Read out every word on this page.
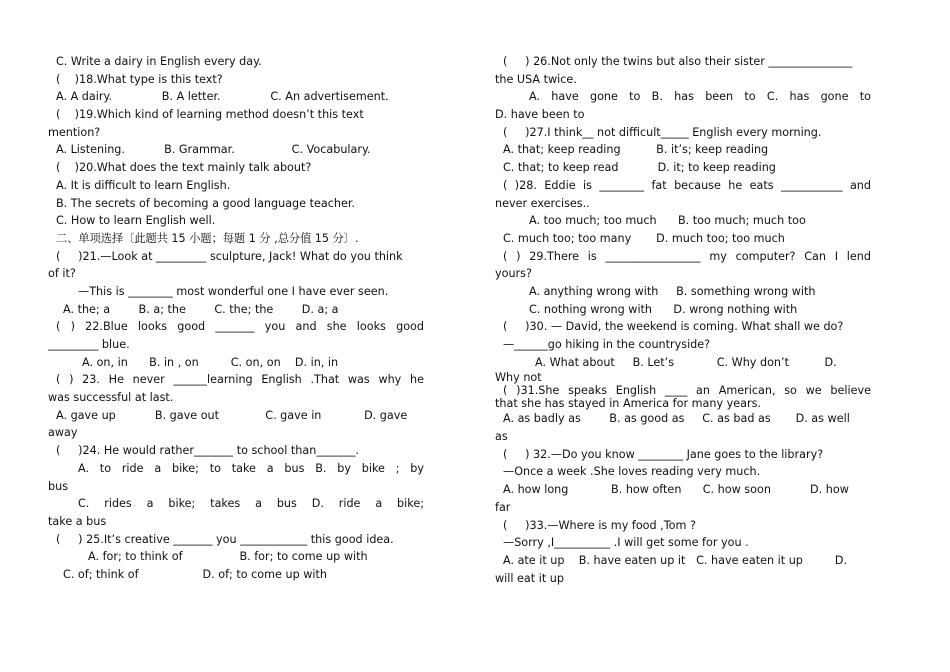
C. Write a dairy in English every day.
(    )18.What type is this text?
A. A dairy.              B. A letter.              C. An advertisement.
(    )19.Which kind of learning method doesn’t this text
mention?
A. Listening.           B. Grammar.                C. Vocabulary.
(    )20.What does the text mainly talk about?
A. It is difficult to learn English.
B. The secrets of becoming a good language teacher.
C. How to learn English well.
二、单项选择〔此题共 15 小题；每题 1 分 ,总分值 15 分〕.
(     )21.—Look at _________ sculpture, Jack! What do you think
of it?
—This is ________ most wonderful one I have ever seen.
A. the; a        B. a; the        C. the; the        D. a; a
( ) 22.Blue looks good _______ you and she looks good
_________ blue.
A. on, in      B. in , on         C. on, on    D. in, in
( ) 23. He never ______learning English .That was why he
was successful at last.
A. gave up           B. gave out             C. gave in            D. gave
away
(     )24. He would rather_______ to school than_______.
A. to ride a bike; to take a bus B. by bike ; by
bus
C. rides a bike; takes a bus D. ride a bike;
take a bus
(     ) 25.It’s creative _______ you ____________ this good idea.
A. for; to think of                B. for; to come up with
C. of; think of                  D. of; to come up with
(     ) 26.Not only the twins but also their sister _______________
the USA twice.
A. have gone to B. has been to C. has gone to
D. have been to
(     )27.I think__ not difficult_____ English every morning.
A. that; keep reading          B. it’s; keep reading
C. that; to keep read           D. it; to keep reading
( )28. Eddie is ________ fat because he eats ___________ and
never exercises..
A. too much; too much      B. too much; much too
C. much too; too many       D. much too; too much
( ) 29.There is _________________ my computer? Can I lend
yours?
A. anything wrong with     B. something wrong with
C. nothing wrong with      D. wrong nothing with
(     )30. — David, the weekend is coming. What shall we do?
—______go hiking in the countryside?
A. What about     B. Let’s            C. Why don’t          D.
Why not
( )31.She speaks English ____ an American, so we believe
that she has stayed in America for many years.
A. as badly as        B. as good as     C. as bad as       D. as well
as
(     ) 32.—Do you know ________ Jane goes to the library?
—Once a week .She loves reading very much.
A. how long            B. how often      C. how soon           D. how
far
(     )33.—Where is my food ,Tom ?
—Sorry ,I__________ .I will get some for you .
A. ate it up    B. have eaten up it   C. have eaten it up         D.
will eat it up
